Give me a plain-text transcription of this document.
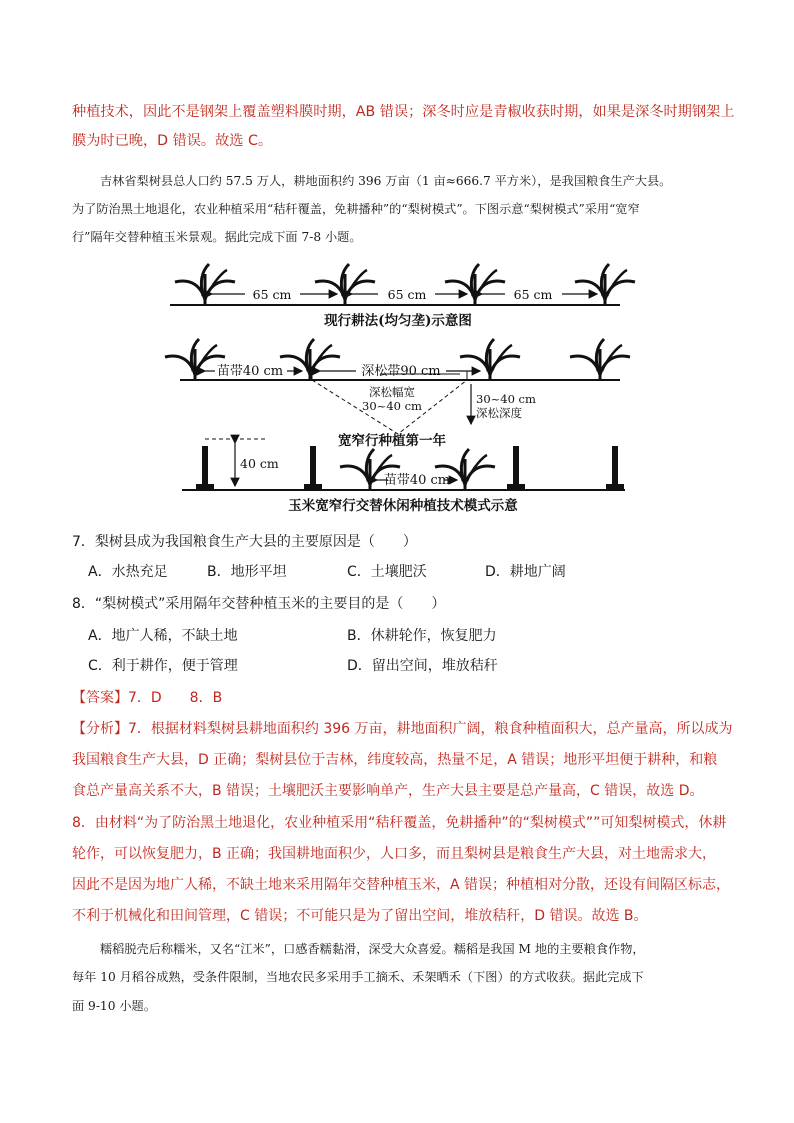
种植技术，因此不是钢架上覆盖塑料膜时期，AB 错误；深冬时应是青椒收获时期，如果是深冬时期钢架上
膜为时已晚，D 错误。故选 C。
吉林省梨树县总人口约 57.5 万人，耕地面积约 396 万亩（1 亩≈666.7 平方米），是我国粮食生产大县。
为了防治黑土地退化，农业种植采用“秸秆覆盖，免耕播种”的“梨树模式”。下图示意“梨树模式”采用“宽窄
行”隔年交替种植玉米景观。据此完成下面 7-8 小题。
65 cm	65 cm	65 cm
现行耕法(均匀垄)示意图
苗带40 cm	深松带90 cm
深松幅宽
30~40 cm	30~40 cm
深松深度
宽窄行种植第一年
40 cm
苗带40 cm
玉米宽窄行交替休闲种植技术模式示意
7．梨树县成为我国粮食生产大县的主要原因是（　　）
A．水热充足	B．地形平坦	C．土壤肥沃	D．耕地广阔
8．“梨树模式”采用隔年交替种植玉米的主要目的是（　　）
A．地广人稀，不缺土地	B．休耕轮作，恢复肥力
C．利于耕作，便于管理	D．留出空间，堆放秸秆
【答案】7．D　　8．B
【分析】7．根据材料梨树县耕地面积约 396 万亩，耕地面积广阔，粮食种植面积大，总产量高，所以成为
我国粮食生产大县，D 正确；梨树县位于吉林，纬度较高，热量不足，A 错误；地形平坦便于耕种，和粮
食总产量高关系不大，B 错误；土壤肥沃主要影响单产，生产大县主要是总产量高，C 错误，故选 D。
8．由材料“为了防治黑土地退化，农业种植采用“秸秆覆盖，免耕播种”的“梨树模式””可知梨树模式，休耕
轮作，可以恢复肥力，B 正确；我国耕地面积少，人口多，而且梨树县是粮食生产大县，对土地需求大，
因此不是因为地广人稀，不缺土地来采用隔年交替种植玉米，A 错误；种植相对分散，还设有间隔区标志，
不利于机械化和田间管理，C 错误；不可能只是为了留出空间，堆放秸秆，D 错误。故选 B。
糯稻脱壳后称糯米，又名“江米”，口感香糯黏滑，深受大众喜爱。糯稻是我国 M 地的主要粮食作物，
每年 10 月稻谷成熟，受条件限制，当地农民多采用手工摘禾、禾架晒禾（下图）的方式收获。据此完成下
面 9-10 小题。
